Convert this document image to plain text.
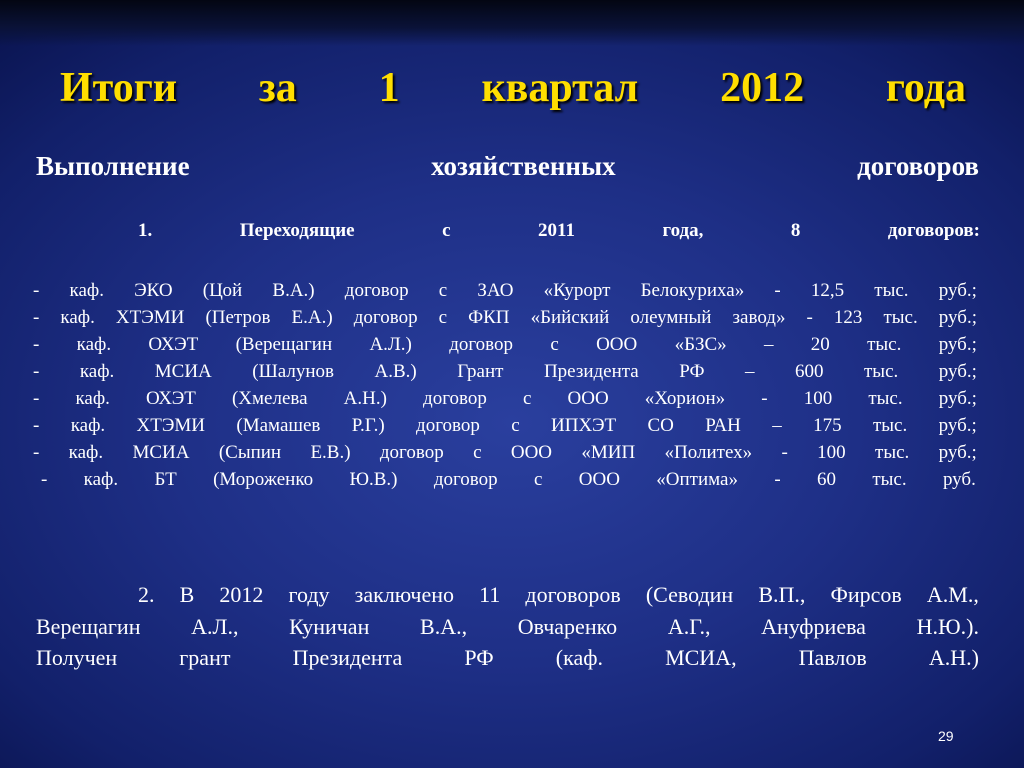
Итоги за 1 квартал 2012 года
Выполнение	хозяйственных	договоров
1.	Переходящие	с	2011	года,	8	договоров:
- каф. ЭКО (Цой В.А.) договор с ЗАО «Курорт Белокуриха» - 12,5 тыс. руб.;
- каф. ХТЭМИ (Петров Е.А.) договор с ФКП «Бийский олеумный завод» - 123 тыс. руб.;
- каф. ОХЭТ (Верещагин А.Л.) договор с ООО «БЗС» – 20 тыс. руб.;
- каф. МСИА (Шалунов А.В.) Грант Президента РФ – 600 тыс. руб.;
- каф. ОХЭТ (Хмелева А.Н.) договор с ООО «Хорион» - 100 тыс. руб.;
- каф. ХТЭМИ (Мамашев Р.Г.) договор с ИПХЭТ СО РАН – 175 тыс. руб.;
- каф. МСИА (Сыпин Е.В.) договор с ООО «МИП «Политех» - 100 тыс. руб.;
- каф. БТ (Мороженко Ю.В.) договор с ООО «Оптима» - 60 тыс. руб.
2. В 2012 году заключено 11 договоров (Севодин В.П., Фирсов А.М.,
Верещагин А.Л., Куничан В.А., Овчаренко А.Г., Ануфриева Н.Ю.).
Получен	грант	Президента	РФ	(каф.	МСИА,	Павлов	А.Н.)
29
